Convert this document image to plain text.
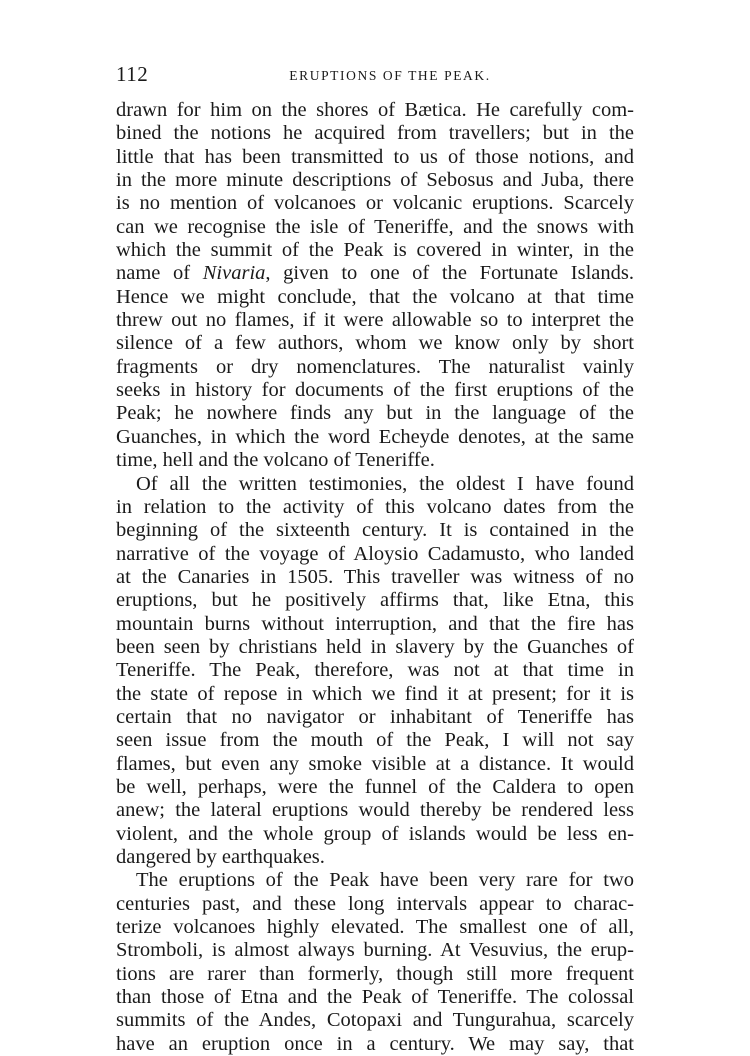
112	ERUPTIONS OF THE PEAK.
drawn for him on the shores of Bætica. He carefully com-
bined the notions he acquired from travellers; but in the
little that has been transmitted to us of those notions, and
in the more minute descriptions of Sebosus and Juba, there
is no mention of volcanoes or volcanic eruptions. Scarcely
can we recognise the isle of Teneriffe, and the snows with
which the summit of the Peak is covered in winter, in the
name of Nivaria, given to one of the Fortunate Islands.
Hence we might conclude, that the volcano at that time
threw out no flames, if it were allowable so to interpret the
silence of a few authors, whom we know only by short
fragments or dry nomenclatures. The naturalist vainly
seeks in history for documents of the first eruptions of the
Peak; he nowhere finds any but in the language of the
Guanches, in which the word Echeyde denotes, at the same
time, hell and the volcano of Teneriffe.
Of all the written testimonies, the oldest I have found
in relation to the activity of this volcano dates from the
beginning of the sixteenth century. It is contained in the
narrative of the voyage of Aloysio Cadamusto, who landed
at the Canaries in 1505. This traveller was witness of no
eruptions, but he positively affirms that, like Etna, this
mountain burns without interruption, and that the fire has
been seen by christians held in slavery by the Guanches of
Teneriffe. The Peak, therefore, was not at that time in
the state of repose in which we find it at present; for it is
certain that no navigator or inhabitant of Teneriffe has
seen issue from the mouth of the Peak, I will not say
flames, but even any smoke visible at a distance. It would
be well, perhaps, were the funnel of the Caldera to open
anew; the lateral eruptions would thereby be rendered less
violent, and the whole group of islands would be less en-
dangered by earthquakes.
The eruptions of the Peak have been very rare for two
centuries past, and these long intervals appear to charac-
terize volcanoes highly elevated. The smallest one of all,
Stromboli, is almost always burning. At Vesuvius, the erup-
tions are rarer than formerly, though still more frequent
than those of Etna and the Peak of Teneriffe. The colossal
summits of the Andes, Cotopaxi and Tungurahua, scarcely
have an eruption once in a century. We may say, that
